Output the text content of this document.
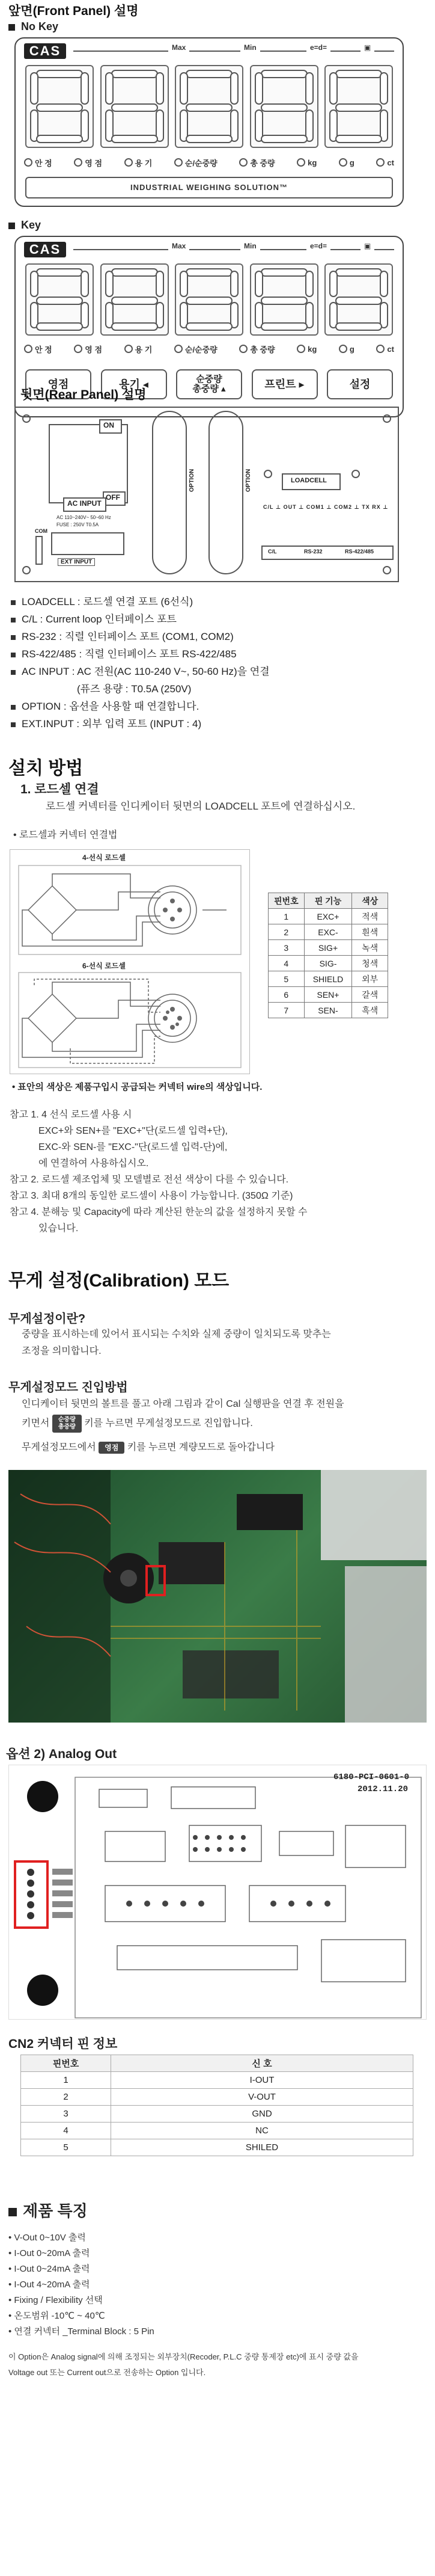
앞면(Front Panel) 설명
No Key
CAS	Max	Min	e=d=	▣
안 정	영 점	용 기	순/순중량	총 중량	kg	g	ct
INDUSTRIAL WEIGHING SOLUTION™
Key
CAS	Max	Min	e=d=	▣
안 정	영 점	용 기	순/순중량	총 중량	kg	g	ct
영점	용기 ◂	순중량
총중량 ▴	프린트 ▸	설정
뒷면(Rear Panel) 설명
ON
OFF
AC INPUT
AC 110~240V~ 50~60 Hz
FUSE : 250V T0.5A
COM
EXT INPUT
OPTION	OPTION	LOADCELL
C/L ⊥ OUT ⊥ COM1 ⊥ COM2 ⊥ TX RX ⊥
C/L	RS-232	RS-422/485
LOADCELL : 로드셀 연결 포트 (6선식)
C/L : Current loop 인터페이스 포트
RS-232 : 직렬 인터페이스 포트 (COM1, COM2)
RS-422/485 : 직렬 인터페이스 포트 RS-422/485
AC INPUT : AC 전원(AC 110-240 V~, 50-60 Hz)을 연결
(퓨즈 용량 : T0.5A (250V)
OPTION : 옵션을 사용할 때 연결합니다.
EXT.INPUT : 외부 입력 포트 (INPUT : 4)
설치 방법
1. 로드셀 연결
로드셀 커넥터를 인디케이터 뒷면의 LOADCELL 포트에 연결하십시오.
• 로드셀과 커넥터 연결법
4-선식 로드셀
6-선식 로드셀
핀번호	핀 기능	색상
1	EXC+	적색
2	EXC-	흰색
3	SIG+	녹색
4	SIG-	청색
5	SHIELD	외부
6	SEN+	갈색
7	SEN-	흑색
• 표안의 색상은 제품구입시 공급되는 커넥터 wire의 색상입니다.
참고 1. 4 선식 로드셀 사용 시
EXC+와 SEN+를 "EXC+"단(로드셀 입력+단),
EXC-와 SEN-를 "EXC-"단(로드셀 입력-단)에,
에 연결하여 사용하십시오.
참고 2. 로드셀 제조업체 및 모델별로 전선 색상이 다를 수 있습니다.
참고 3. 최대 8개의 동일한 로드셀이 사용이 가능합니다. (350Ω 기준)
참고 4. 분해능 및 Capacity에 따라 계산된 한눈의 값을 설정하지 못할 수
있습니다.
무게 설정(Calibration) 모드
무게설정이란?
중량을 표시하는데 있어서 표시되는 수치와 실제 중량이 일치되도록 맞추는
조정을 의미합니다.
무게설정모드 진입방법
인디케이터 뒷면의 볼트를 풀고 아래 그림과 같이 Cal 실행판을 연결 후 전원을
키면서 순중량
총중량 키를 누르면 무게설정모드로 진입합니다.
무게설정모드에서 영점 키를 누르면 계량모드로 돌아갑니다
옵션 2) Analog Out
6180-PCI-0601-0
2012.11.20
CN2 커넥터 핀 정보
핀번호	신 호
1	I-OUT
2	V-OUT
3	GND
4	NC
5	SHILED
제품 특징
• V-Out 0~10V 출력
• I-Out 0~20mA 출력
• I-Out 0~24mA 출력
• I-Out 4~20mA 출력
• Fixing / Flexibility 선택
• 온도범위 -10℃ ~ 40℃
• 연결 커넥터 _Terminal Block : 5 Pin
이 Option은 Analog signal에 의해 조정되는 외부장치(Recoder, P.L.C 중량 통제장 etc)에 표시 중량 값을
Voltage out 또는 Current out으로 전송하는 Option 입니다.
